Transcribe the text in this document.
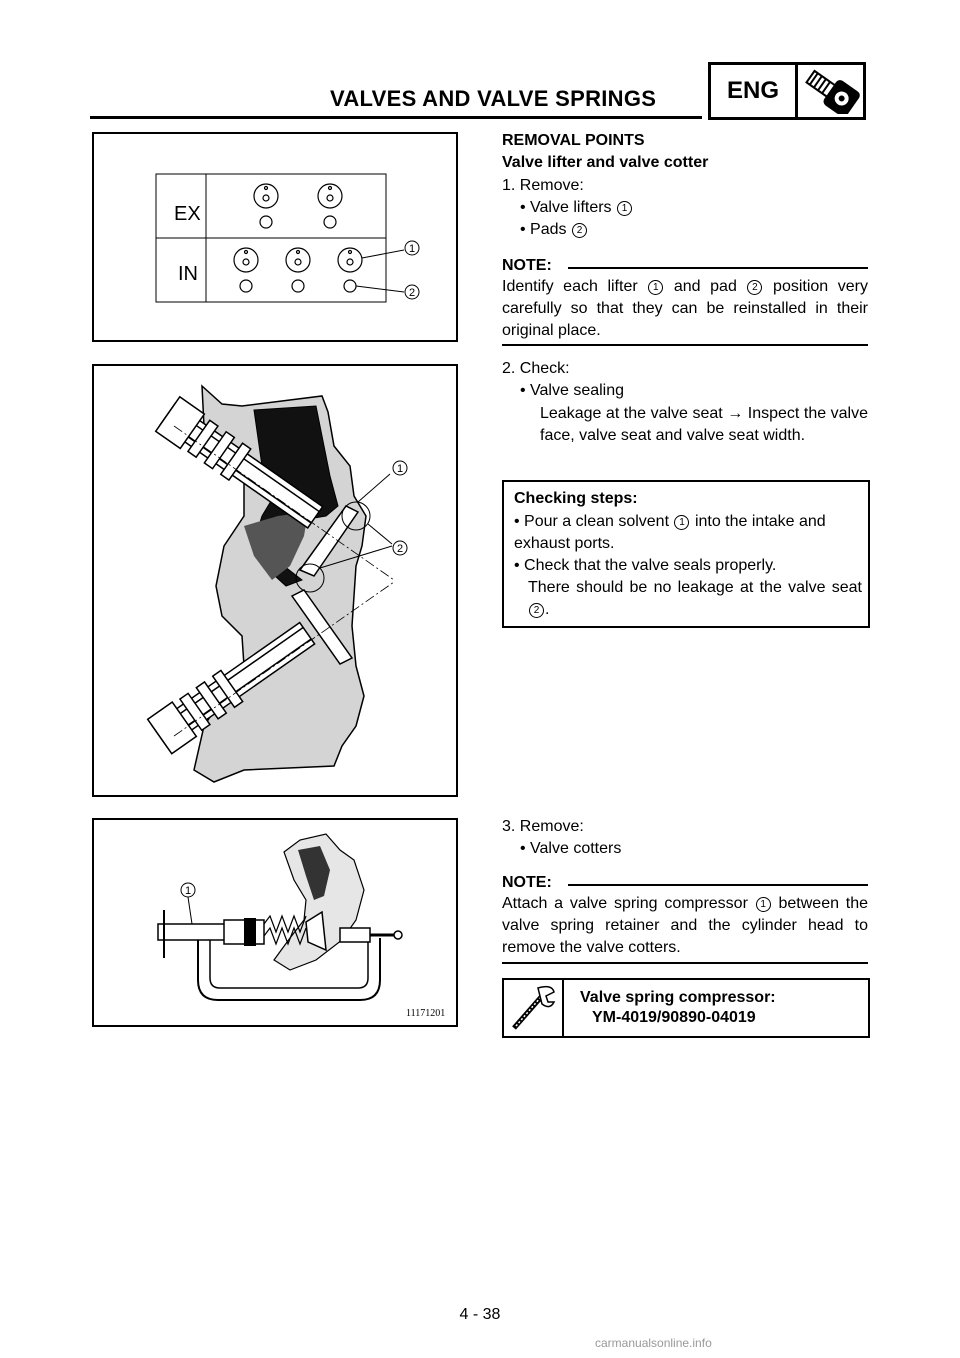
VALVES AND VALVE SPRINGS	ENG
EX
IN
1
2
1
2
1
11171201
REMOVAL POINTS
Valve lifter and valve cotter
1. Remove:
• Valve lifters 1
• Pads 2
NOTE:
Identify each lifter 1 and pad 2 position very carefully so that they can be reinstalled in their original place.
2. Check:
• Valve sealing
Leakage at the valve seat → Inspect the valve face, valve seat and valve seat width.
Checking steps:
• Pour a clean solvent 1 into the intake and exhaust ports.
• Check that the valve seals properly.
There should be no leakage at the valve seat 2 .
3. Remove:
• Valve cotters
NOTE:
Attach a valve spring compressor 1 between the valve spring retainer and the cylinder head to remove the valve cotters.
Valve spring compressor:
YM-4019/90890-04019
4 - 38
carmanualsonline.info
